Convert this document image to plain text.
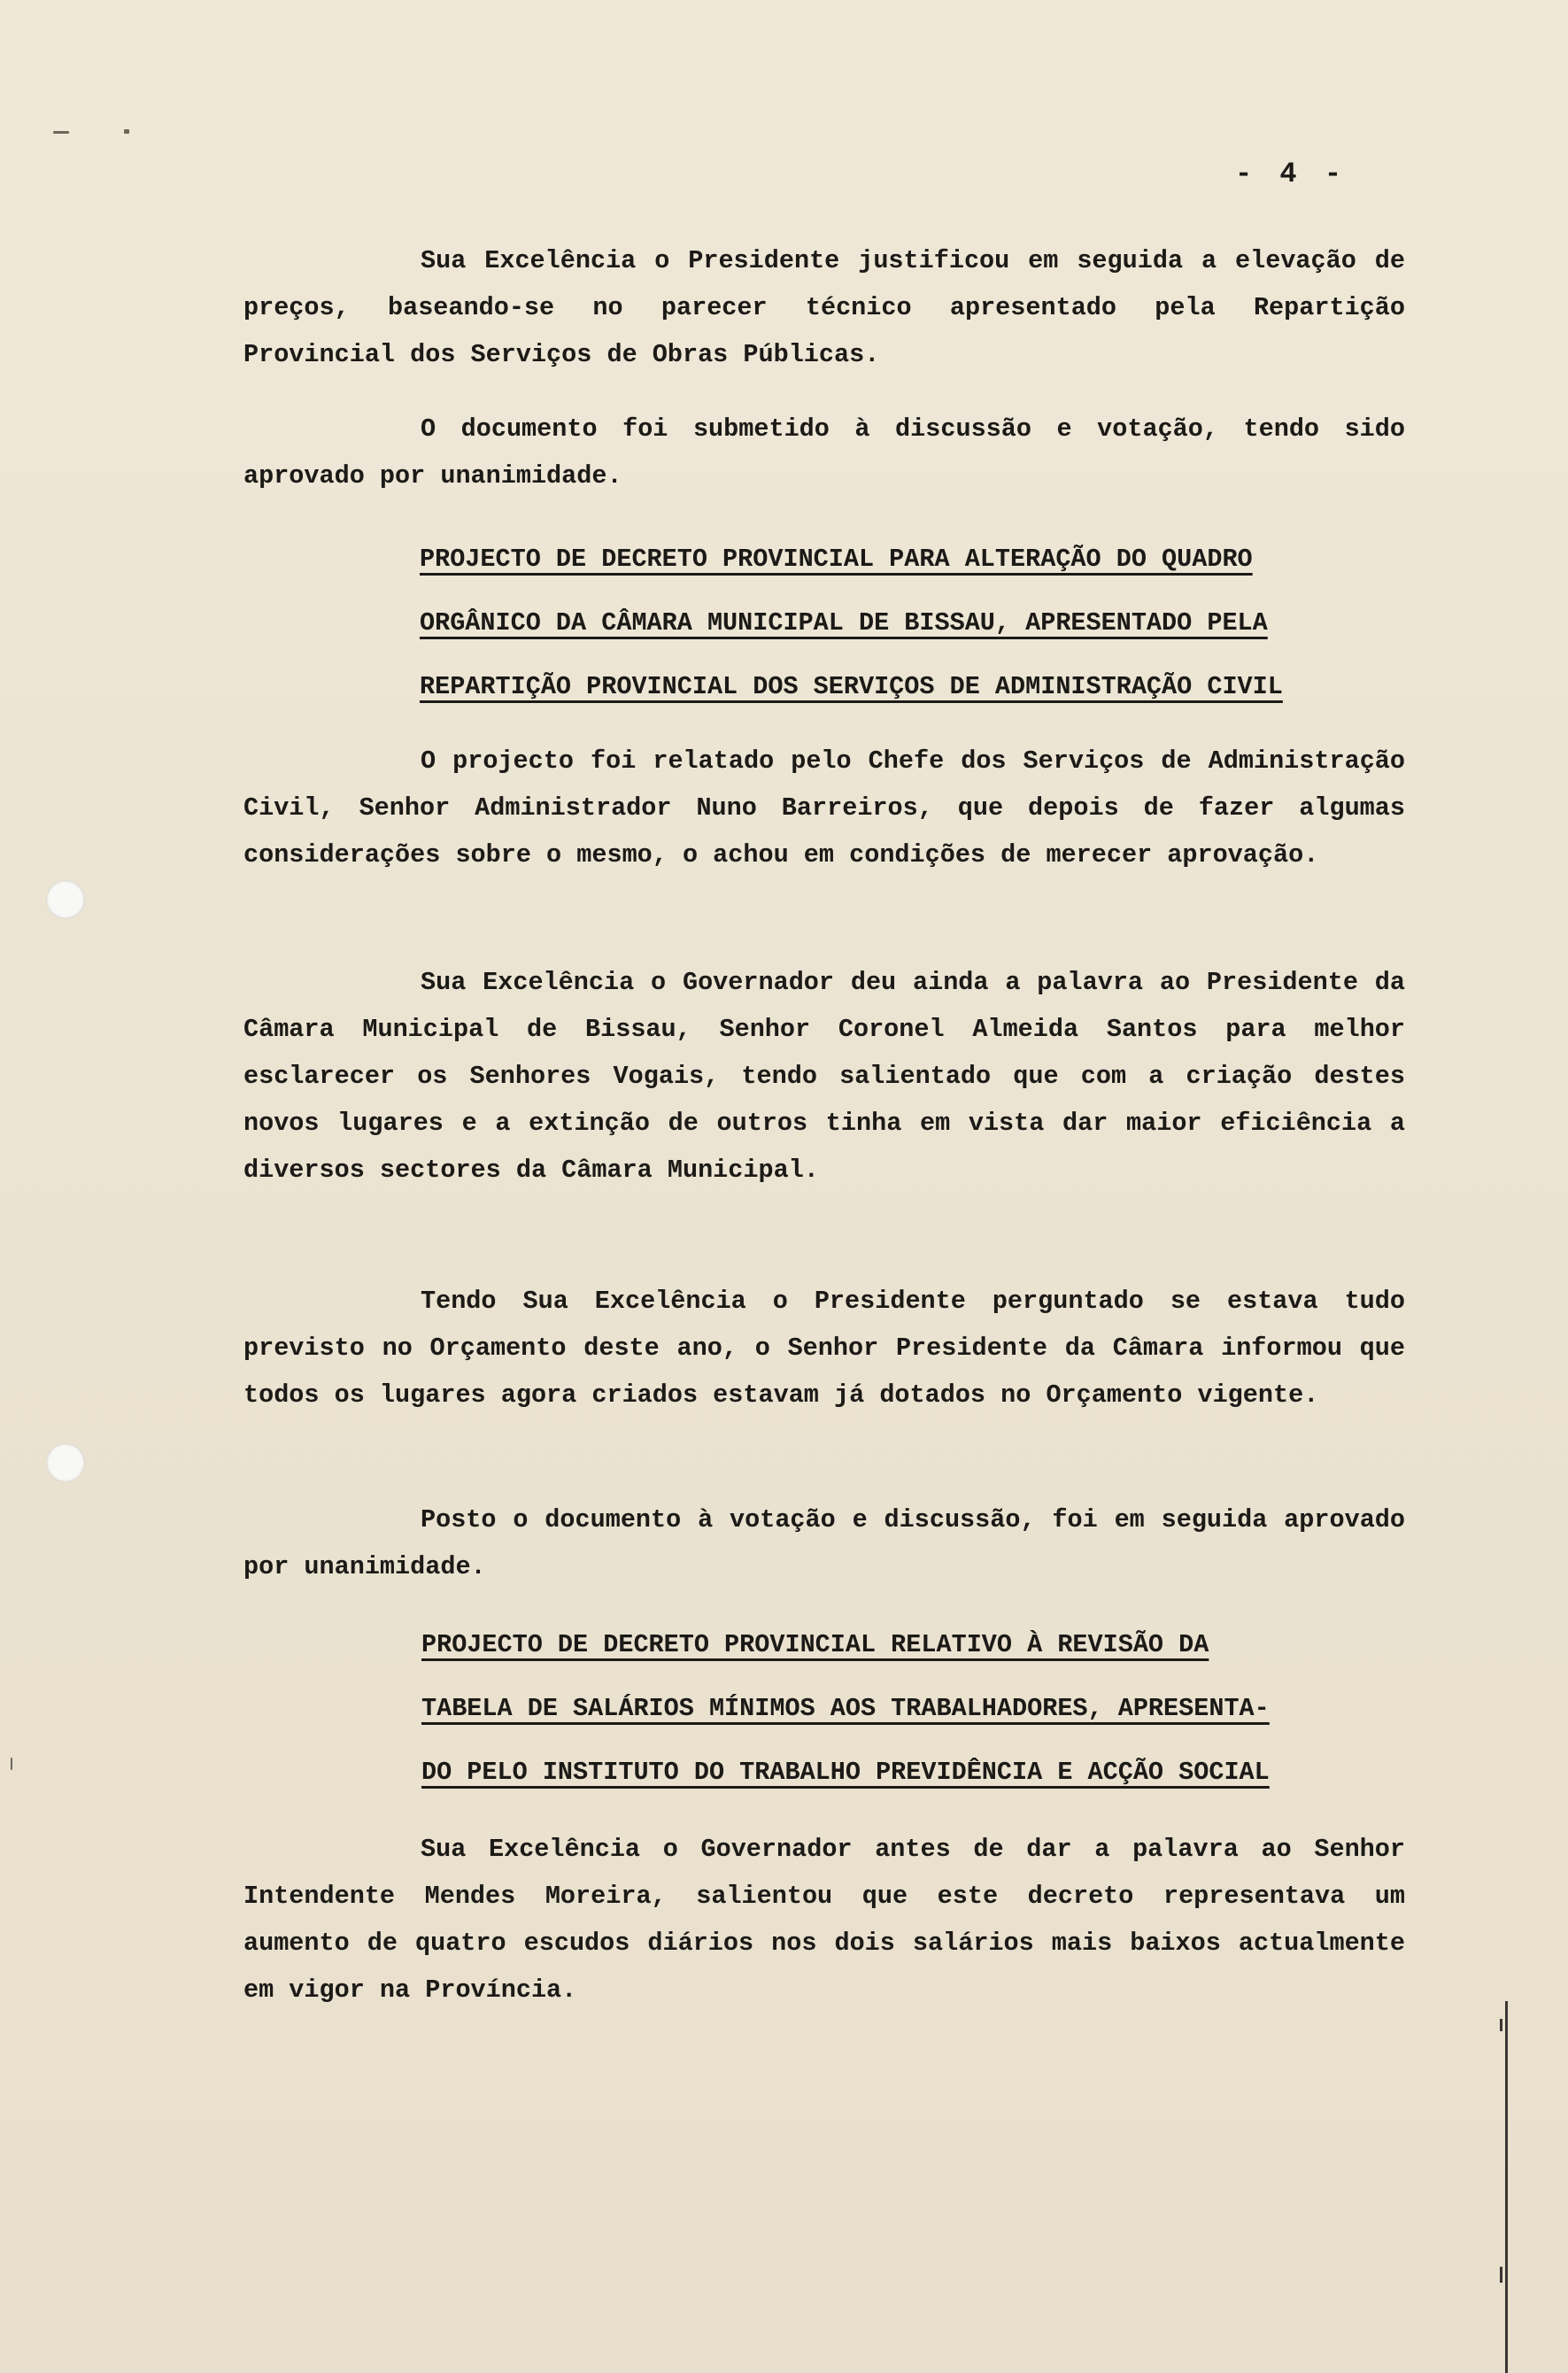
- 4 -
Sua Excelência o Presidente justificou em seguida a elevação de preços, baseando-se no parecer técnico apresentado pela Repartição Provincial dos Serviços de Obras Públicas.
O documento foi submetido à discussão e votação, tendo sido aprovado por unanimidade.
PROJECTO DE DECRETO PROVINCIAL PARA ALTERAÇÃO DO QUADRO
ORGÂNICO DA CÂMARA MUNICIPAL DE BISSAU, APRESENTADO PELA
REPARTIÇÃO PROVINCIAL DOS SERVIÇOS DE ADMINISTRAÇÃO CIVIL
O projecto foi relatado pelo Chefe dos Serviços de Administração Civil, Senhor Administrador Nuno Barreiros, que depois de fazer algumas considerações sobre o mesmo, o achou em condições de merecer aprovação.
Sua Excelência o Governador deu ainda a palavra ao Presidente da Câmara Municipal de Bissau, Senhor Coronel Almeida Santos para melhor esclarecer os Senhores Vogais, tendo salientado que com a criação destes novos lugares e a extinção de outros tinha em vista dar maior eficiência a diversos sectores da Câmara Municipal.
Tendo Sua Excelência o Presidente perguntado se estava tudo previsto no Orçamento deste ano, o Senhor Presidente da Câmara informou que todos os lugares agora criados estavam já dotados no Orçamento vigente.
Posto o documento à votação e discussão, foi em seguida aprovado por unanimidade.
PROJECTO DE DECRETO PROVINCIAL RELATIVO À REVISÃO DA
TABELA DE SALÁRIOS MÍNIMOS AOS TRABALHADORES, APRESENTA-
DO PELO INSTITUTO DO TRABALHO PREVIDÊNCIA E ACÇÃO SOCIAL
Sua Excelência o Governador antes de dar a palavra ao Senhor Intendente Mendes Moreira, salientou que este decreto representava um aumento de quatro escudos diários nos dois salários mais baixos actualmente em vigor na Província.
